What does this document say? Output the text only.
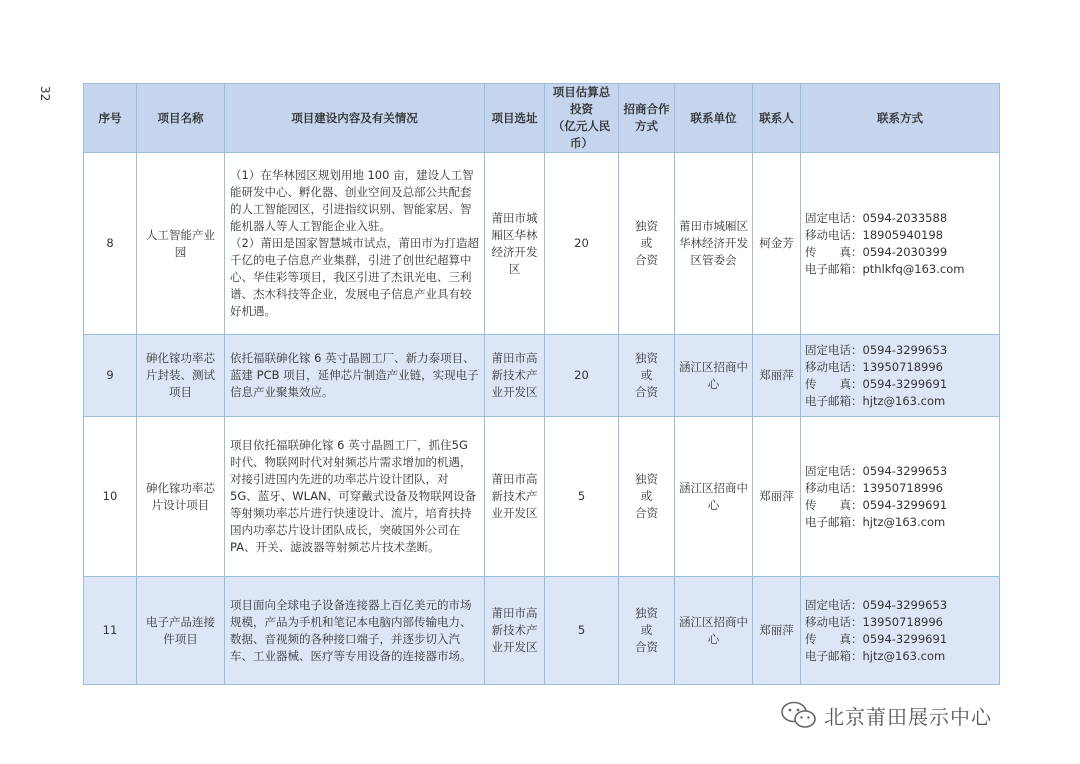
32
序号	项目名称	项目建设内容及有关情况	项目选址	项目估算总
投资
（亿元人民币）	招商合作
方式	联系单位	联系人	联系方式
8	人工智能产业
园	（1）在华林园区规划用地 100 亩，建设人工智能研发中心、孵化器、创业空间及总部公共配套的人工智能园区，引进指纹识别、智能家居、智能机器人等人工智能企业入驻。
（2）莆田是国家智慧城市试点，莆田市为打造超千亿的电子信息产业集群，引进了创世纪超算中心、华佳彩等项目，我区引进了杰讯光电、三利谱、杰木科技等企业，发展电子信息产业具有较好机遇。	莆田市城
厢区华林
经济开发
区	20	独资
或
合资	莆田市城厢区
华林经济开发
区管委会	柯金芳	固定电话：0594-2033588
移动电话：18905940198
传　　真：0594-2030399
电子邮箱：pthlkfq@163.com
9	砷化镓功率芯
片封装、测试
项目	依托福联砷化镓 6 英寸晶圆工厂、新力泰项目、蓝建 PCB 项目，延伸芯片制造产业链，实现电子信息产业聚集效应。	莆田市高
新技术产
业开发区	20	独资
或
合资	涵江区招商中
心	郑丽萍	固定电话：0594-3299653
移动电话：13950718996
传　　真：0594-3299691
电子邮箱：hjtz@163.com
10	砷化镓功率芯
片设计项目	项目依托福联砷化镓 6 英寸晶圆工厂，抓住5G 时代、物联网时代对射频芯片需求增加的机遇，对接引进国内先进的功率芯片设计团队，对 5G、蓝牙、WLAN、可穿戴式设备及物联网设备等射频功率芯片进行快速设计、流片，培育扶持国内功率芯片设计团队成长，突破国外公司在 PA、开关、滤波器等射频芯片技术垄断。	莆田市高
新技术产
业开发区	5	独资
或
合资	涵江区招商中
心	郑丽萍	固定电话：0594-3299653
移动电话：13950718996
传　　真：0594-3299691
电子邮箱：hjtz@163.com
11	电子产品连接
件项目	项目面向全球电子设备连接器上百亿美元的市场规模，产品为手机和笔记本电脑内部传输电力、数据、音视频的各种接口端子，并逐步切入汽车、工业器械、医疗等专用设备的连接器市场。	莆田市高
新技术产
业开发区	5	独资
或
合资	涵江区招商中
心	郑丽萍	固定电话：0594-3299653
移动电话：13950718996
传　　真：0594-3299691
电子邮箱：hjtz@163.com
北京莆田展示中心
